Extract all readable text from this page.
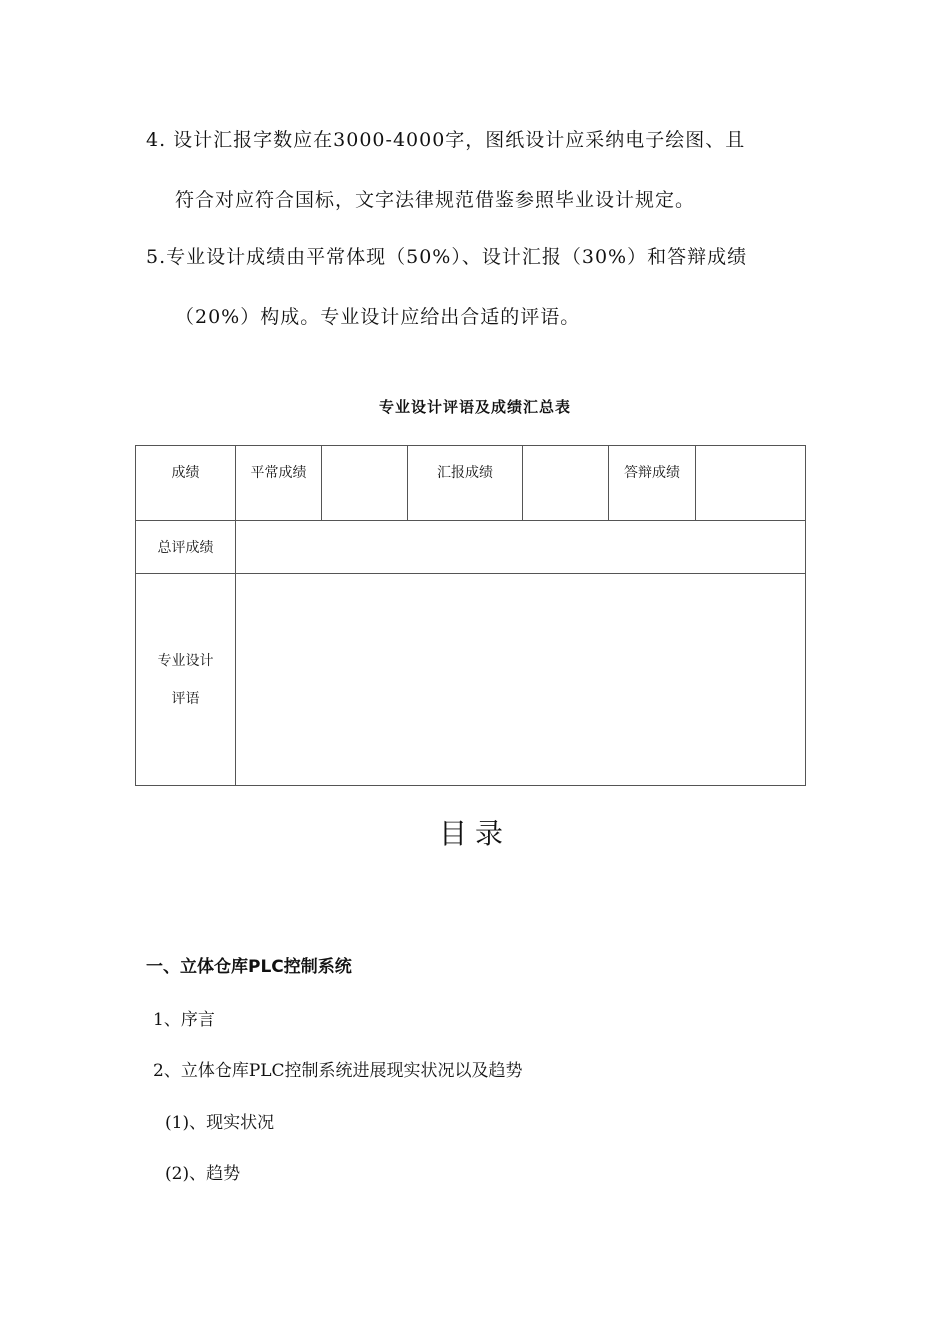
4. 设计汇报字数应在3000-4000字，图纸设计应采纳电子绘图、且
符合对应符合国标，文字法律规范借鉴参照毕业设计规定。
5.专业设计成绩由平常体现（50%）、设计汇报（30%）和答辩成绩
（20%）构成。专业设计应给出合适的评语。
专业设计评语及成绩汇总表
成绩	平常成绩		汇报成绩		答辩成绩	
总评成绩						

专业设计
评语						

目录
一、立体仓库PLC控制系统
1、序言
2、立体仓库PLC控制系统进展现实状况以及趋势
(1)、现实状况
(2)、趋势
